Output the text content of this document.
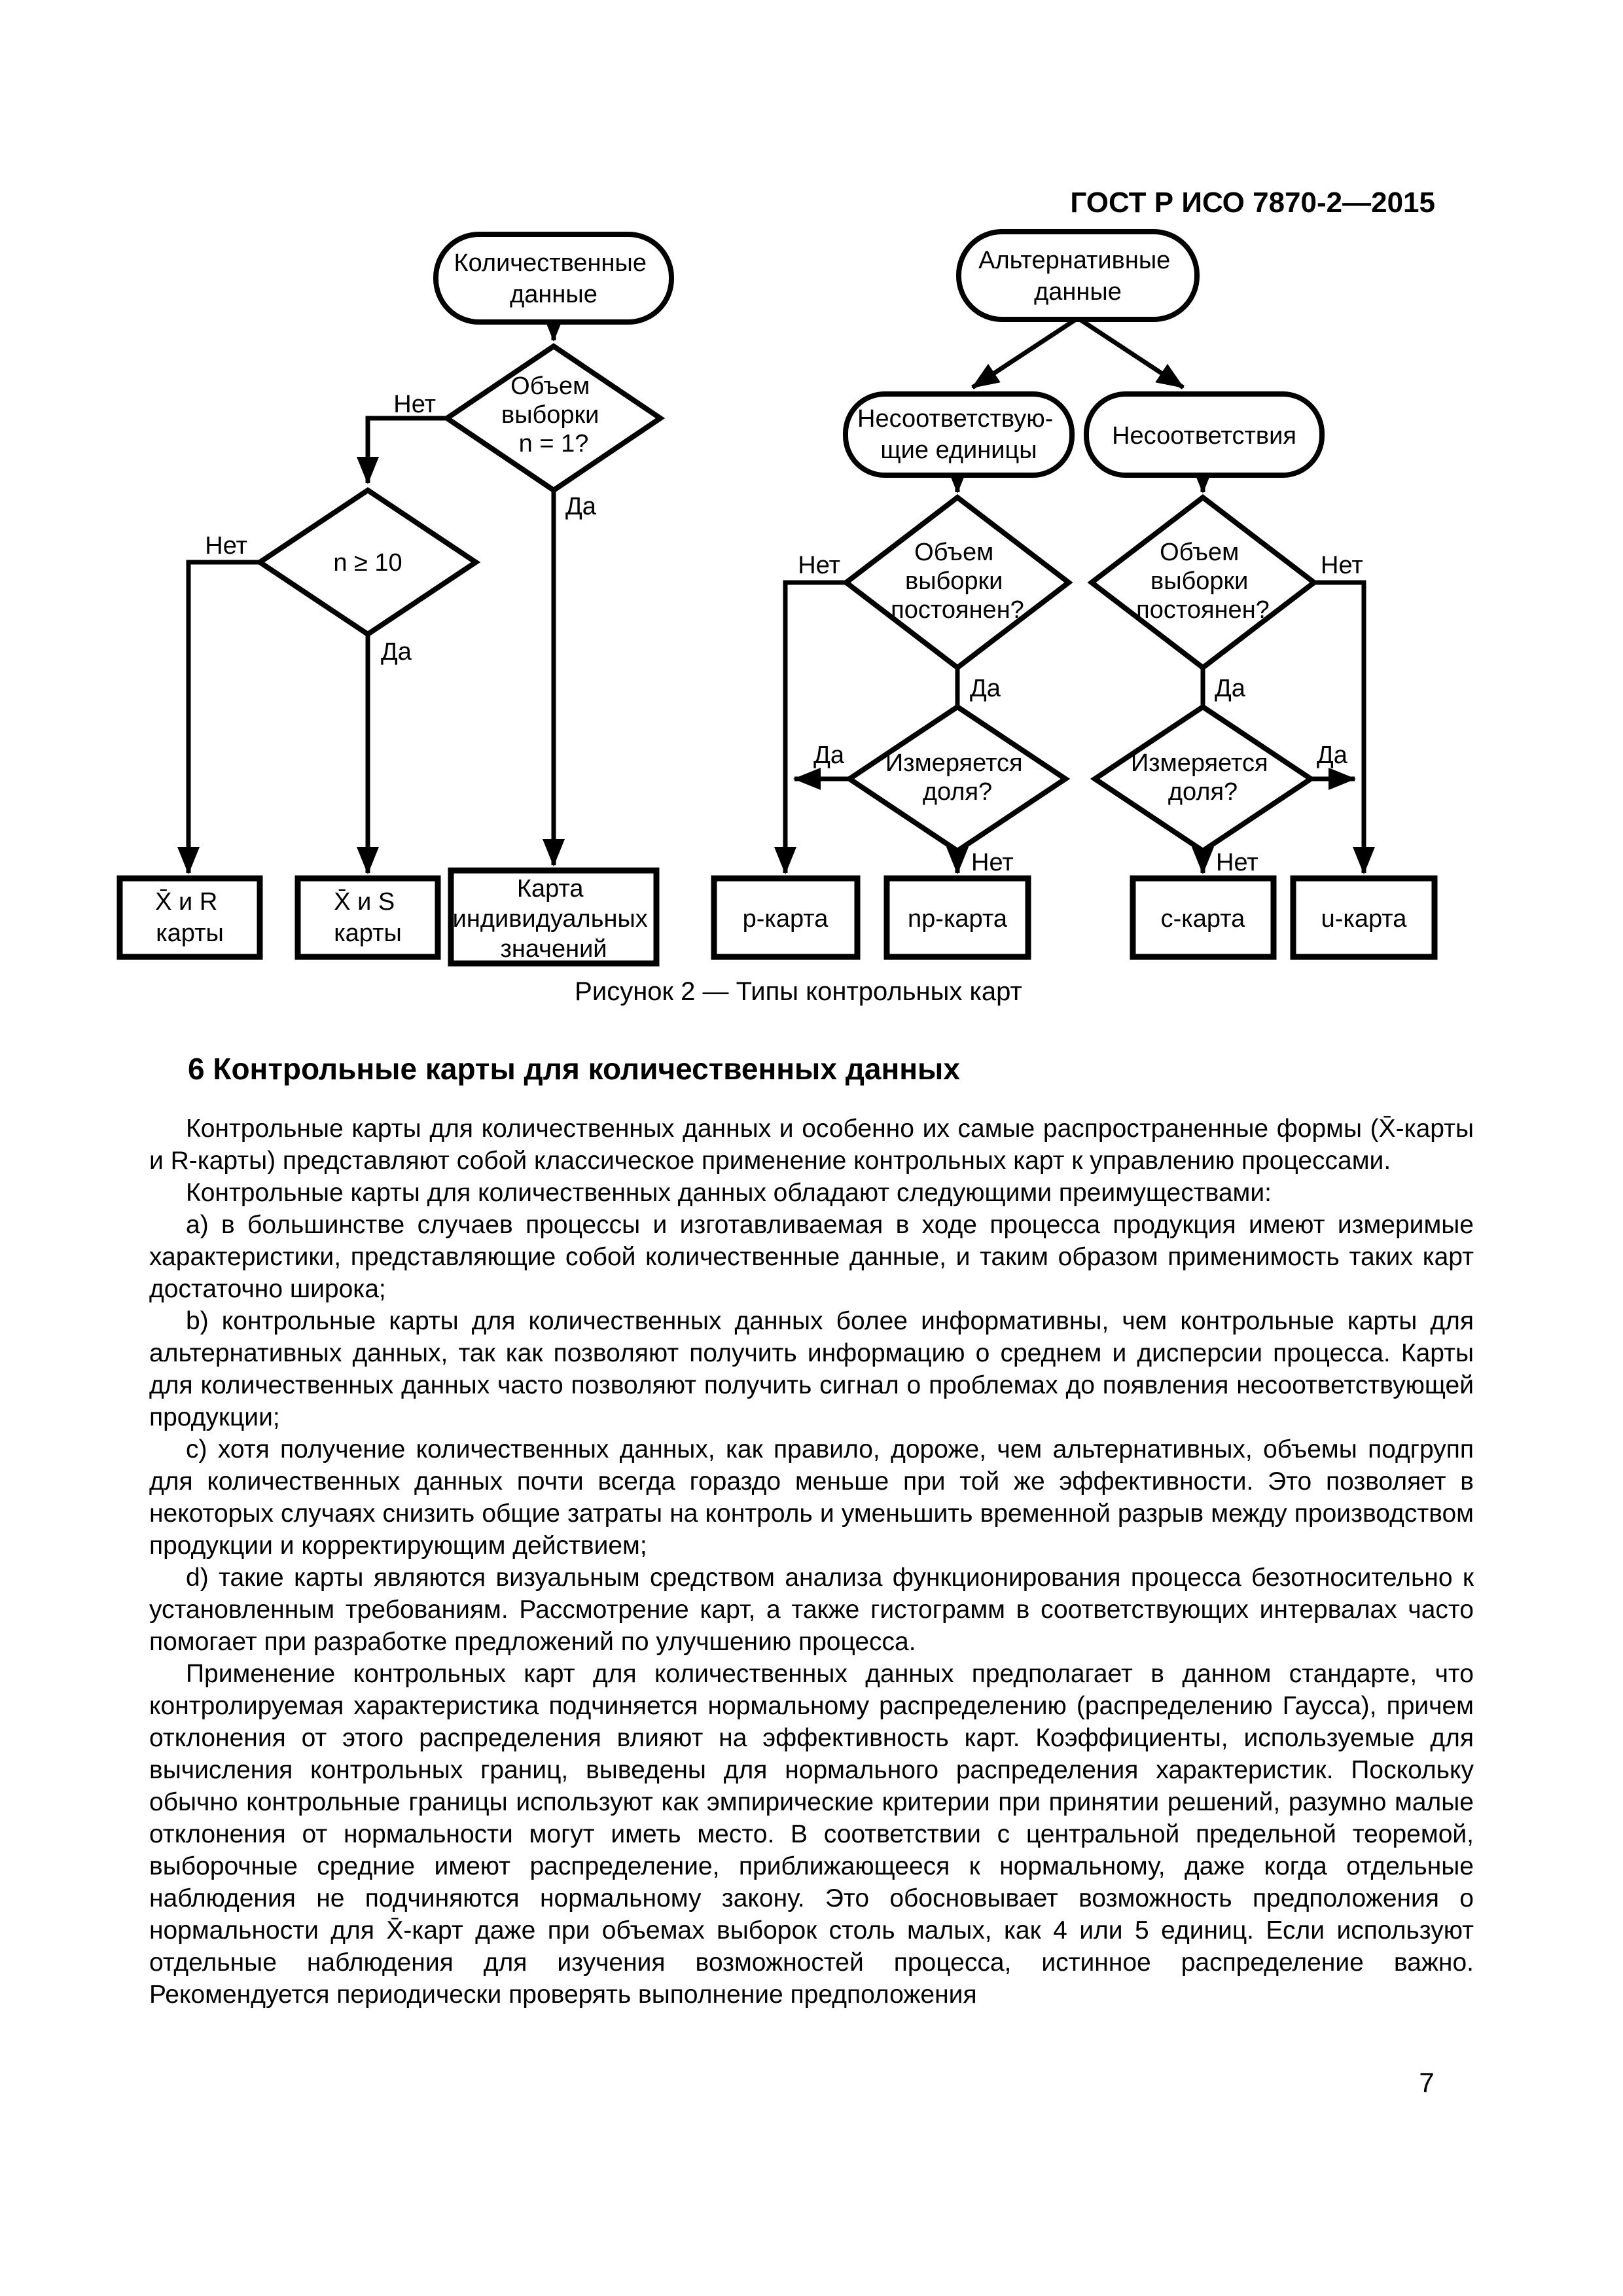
ГОСТ Р ИСО 7870-2—2015
Количественные данные
Объем выборки n = 1?
n ≥ 10
Альтернативные данные
Несоответствую- щие единицы
Несоответствия
Объем выборки постоянен?
Объем выборки постоянен?
Измеряется доля?
Измеряется доля?
X̄ и R карты
X̄ и S карты
Карта индивидуальных значений
p-карта	np-карта	c-карта	u-карта
Нет
Да
Нет
Да
Нет
Да
Да
Нет
Нет
Да
Да
Нет
Рисунок 2 — Типы контрольных карт
6 Контрольные карты для количественных данных

Контрольные карты для количественных данных и особенно их самые распространенные формы (X̄-карты и R-карты) представляют собой классическое применение контрольных карт к управлению процессами.

Контрольные карты для количественных данных обладают следующими преимуществами:

a) в большинстве случаев процессы и изготавливаемая в ходе процесса продукция имеют измеримые характеристики, представляющие собой количественные данные, и таким образом применимость таких карт достаточно широка;

b) контрольные карты для количественных данных более информативны, чем контрольные карты для альтернативных данных, так как позволяют получить информацию о среднем и дисперсии процесса. Карты для количественных данных часто позволяют получить сигнал о проблемах до появления несоответствующей продукции;

c) хотя получение количественных данных, как правило, дороже, чем альтернативных, объемы подгрупп для количественных данных почти всегда гораздо меньше при той же эффективности. Это позволяет в некоторых случаях снизить общие затраты на контроль и уменьшить временной разрыв между производством продукции и корректирующим действием;

d) такие карты являются визуальным средством анализа функционирования процесса безотносительно к установленным требованиям. Рассмотрение карт, а также гистограмм в соответствующих интервалах часто помогает при разработке предложений по улучшению процесса.

Применение контрольных карт для количественных данных предполагает в данном стандарте, что контролируемая характеристика подчиняется нормальному распределению (распределению Гаусса), причем отклонения от этого распределения влияют на эффективность карт. Коэффициенты, используемые для вычисления контрольных границ, выведены для нормального распределения характеристик. Поскольку обычно контрольные границы используют как эмпирические критерии при принятии решений, разумно малые отклонения от нормальности могут иметь место. В соответствии с центральной предельной теоремой, выборочные средние имеют распределение, приближающееся к нормальному, даже когда отдельные наблюдения не подчиняются нормальному закону. Это обосновывает возможность предположения о нормальности для X̄-карт даже при объемах выборок столь малых, как 4 или 5 единиц. Если используют отдельные наблюдения для изучения возможностей процесса, истинное распределение важно. Рекомендуется периодически проверять выполнение предположения

7
